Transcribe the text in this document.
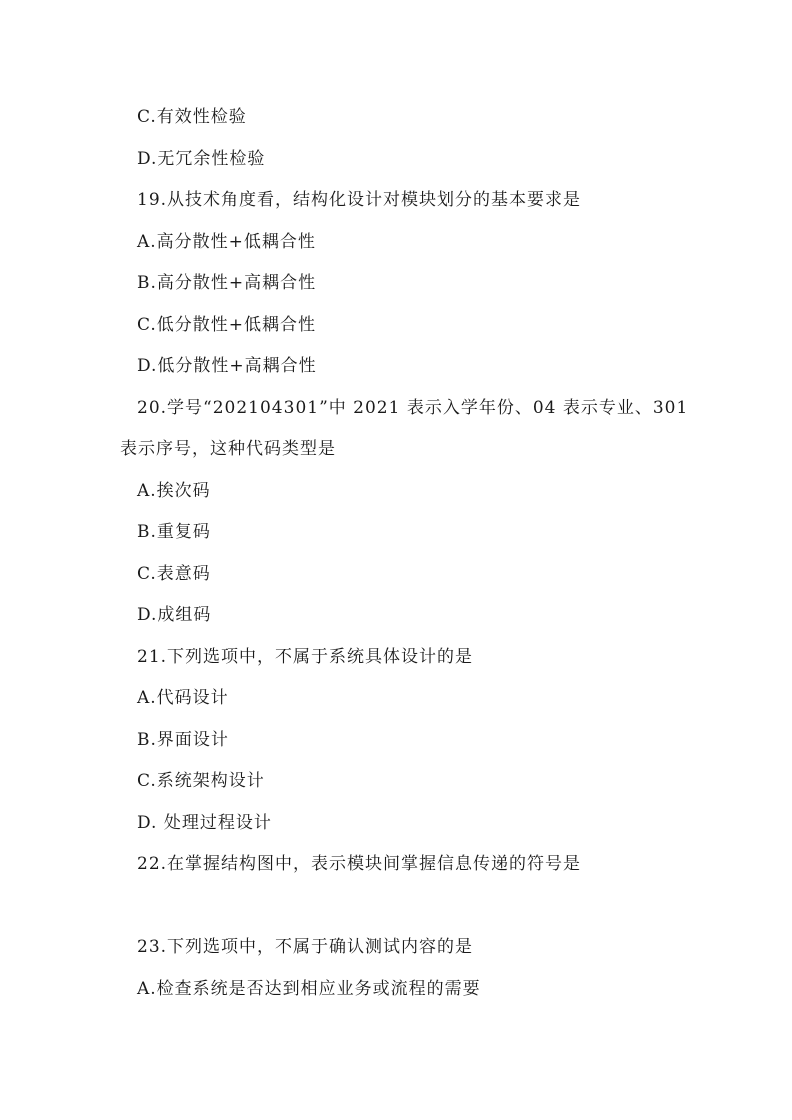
C.有效性检验
D.无冗余性检验
19.从技术角度看，结构化设计对模块划分的基本要求是
A.高分散性+低耦合性
B.高分散性+高耦合性
C.低分散性+低耦合性
D.低分散性+高耦合性
20.学号“202104301”中 2021 表示入学年份、04 表示专业、301
表示序号，这种代码类型是
A.挨次码
B.重复码
C.表意码
D.成组码
21.下列选项中，不属于系统具体设计的是
A.代码设计
B.界面设计
C.系统架构设计
D. 处理过程设计
22.在掌握结构图中，表示模块间掌握信息传递的符号是
23.下列选项中，不属于确认测试内容的是
A.检查系统是否达到相应业务或流程的需要
